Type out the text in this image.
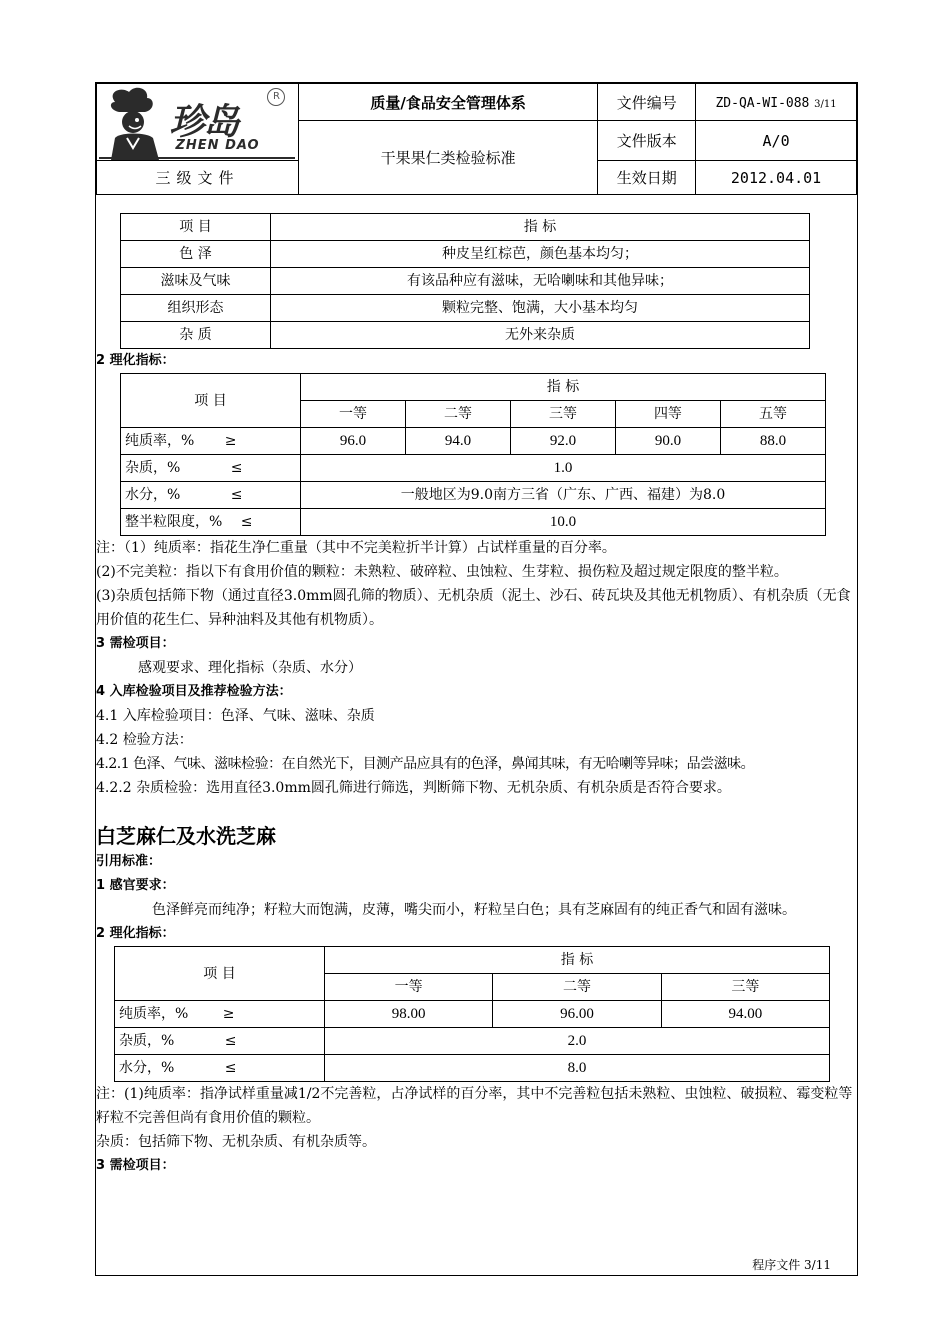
珍岛
ZHEN DAO
R	质量/食品安全管理体系	文件编号	ZD-QA-WI-088 3/11
	干果果仁类检验标准	文件版本	A/0
三级文件		生效日期	2012.04.01
项 目	指 标
色 泽	种皮呈红棕芭，颜色基本均匀；
滋味及气味	有该品种应有滋味，无哈喇味和其他异味；
组织形态	颗粒完整、饱满，大小基本均匀
杂 质	无外来杂质

2 理化指标：

项 目	指 标				
	一等	二等	三等	四等	五等
纯质率，% ≥	96.0	94.0	92.0	90.0	88.0
杂质，% ≤	1.0				
水分，% ≤	一般地区为9.0南方三省（广东、广西、福建）为8.0				
整半粒限度，% ≤	10.0				

注：（1）纯质率：指花生净仁重量（其中不完美粒折半计算）占试样重量的百分率。

(2)不完美粒：指以下有食用价值的颗粒：未熟粒、破碎粒、虫蚀粒、生芽粒、损伤粒及超过规定限度的整半粒。

(3)杂质包括筛下物（通过直径3.0mm圆孔筛的物质）、无机杂质（泥土、沙石、砖瓦块及其他无机物质）、有机杂质（无食用价值的花生仁、异种油料及其他有机物质）。

3 需检项目：

感观要求、理化指标（杂质、水分）

4 入库检验项目及推荐检验方法：

4.1 入库检验项目：色泽、气味、滋味、杂质

4.2 检验方法：

4.2.1 色泽、气味、滋味检验：在自然光下，目测产品应具有的色泽，鼻闻其味，有无哈喇等异味；品尝滋味。

4.2.2 杂质检验：选用直径3.0mm圆孔筛进行筛选，判断筛下物、无机杂质、有机杂质是否符合要求。

白芝麻仁及水洗芝麻

引用标准：

1 感官要求：

色泽鲜亮而纯净；籽粒大而饱满，皮薄，嘴尖而小，籽粒呈白色；具有芝麻固有的纯正香气和固有滋味。

2 理化指标：

项 目	指 标		
	一等	二等	三等
纯质率，% ≥	98.00	96.00	94.00
杂质，% ≤	2.0		
水分，% ≤	8.0		

注：(1)纯质率：指净试样重量减1/2不完善粒，占净试样的百分率，其中不完善粒包括未熟粒、虫蚀粒、破损粒、霉变粒等籽粒不完善但尚有食用价值的颗粒。

杂质：包括筛下物、无机杂质、有机杂质等。

3 需检项目：

程序文件 3/11
